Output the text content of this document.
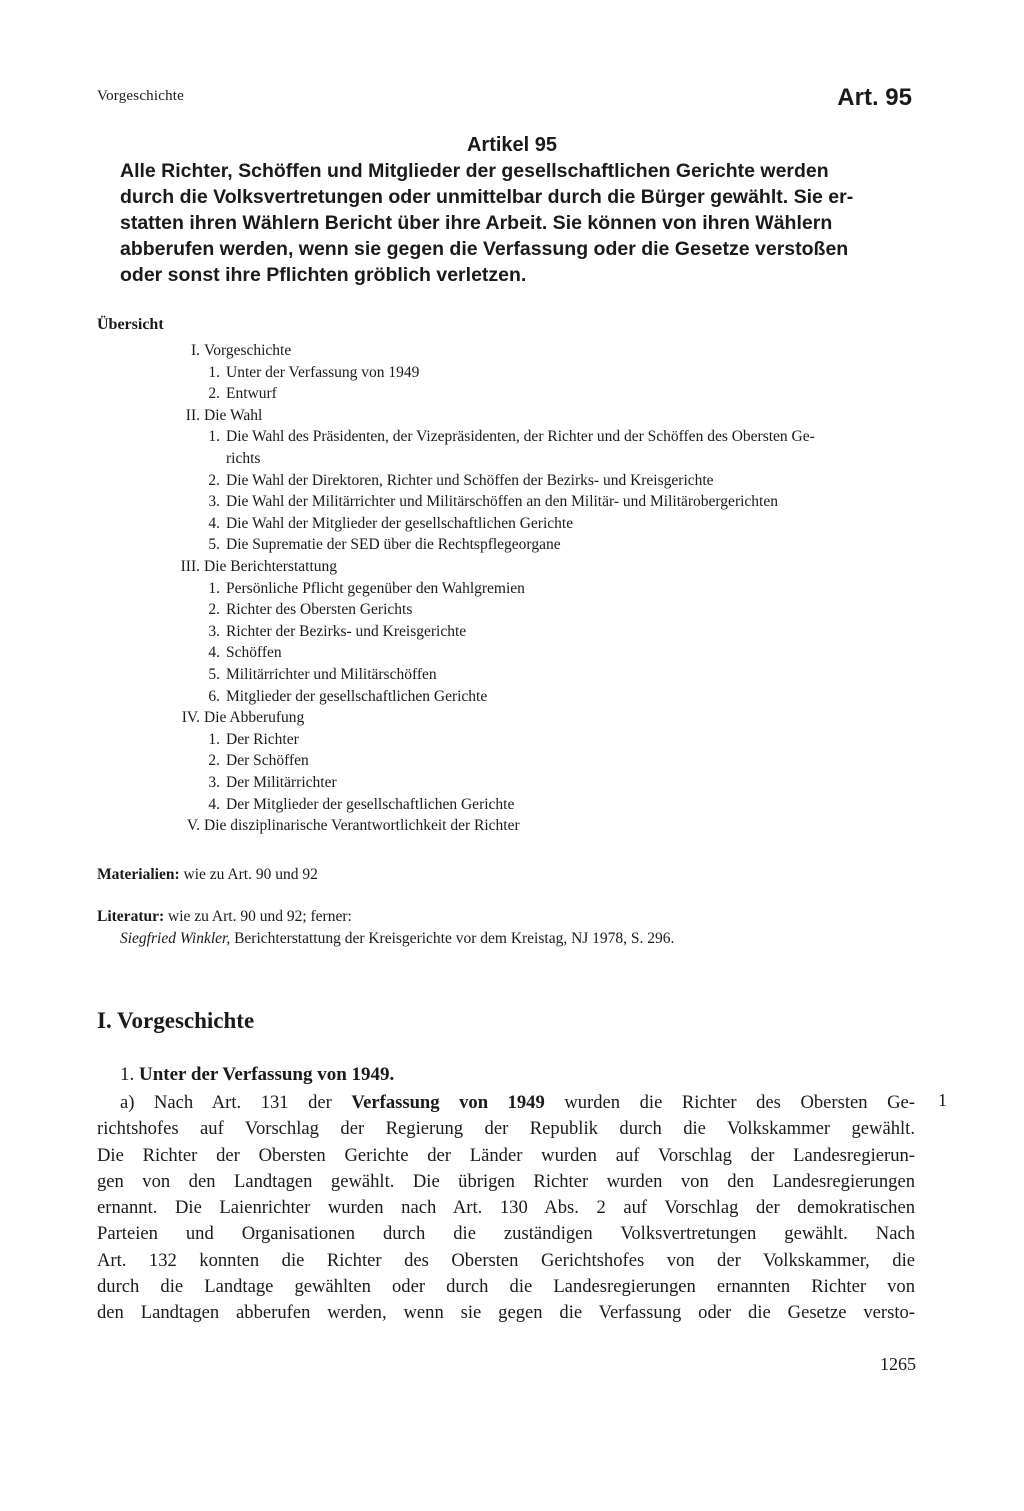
Vorgeschichte	Art. 95
Artikel 95
Alle Richter, Schöffen und Mitglieder der gesellschaftlichen Gerichte werden
durch die Volksvertretungen oder unmittelbar durch die Bürger gewählt. Sie er-
statten ihren Wählern Bericht über ihre Arbeit. Sie können von ihren Wählern
abberufen werden, wenn sie gegen die Verfassung oder die Gesetze verstoßen
oder sonst ihre Pflichten gröblich verletzen.
Übersicht
I. Vorgeschichte
1. Unter der Verfassung von 1949
2. Entwurf
II. Die Wahl
1. Die Wahl des Präsidenten, der Vizepräsidenten, der Richter und der Schöffen des Obersten Ge-
richts
2. Die Wahl der Direktoren, Richter und Schöffen der Bezirks- und Kreisgerichte
3. Die Wahl der Militärrichter und Militärschöffen an den Militär- und Militärobergerichten
4. Die Wahl der Mitglieder der gesellschaftlichen Gerichte
5. Die Suprematie der SED über die Rechtspflegeorgane
III. Die Berichterstattung
1. Persönliche Pflicht gegenüber den Wahlgremien
2. Richter des Obersten Gerichts
3. Richter der Bezirks- und Kreisgerichte
4. Schöffen
5. Militärrichter und Militärschöffen
6. Mitglieder der gesellschaftlichen Gerichte
IV. Die Abberufung
1. Der Richter
2. Der Schöffen
3. Der Militärrichter
4. Der Mitglieder der gesellschaftlichen Gerichte
V. Die disziplinarische Verantwortlichkeit der Richter
Materialien: wie zu Art. 90 und 92
Literatur: wie zu Art. 90 und 92; ferner:
Siegfried Winkler, Berichterstattung der Kreisgerichte vor dem Kreistag, NJ 1978, S. 296.
I. Vorgeschichte
1. Unter der Verfassung von 1949.
a) Nach Art. 131 der Verfassung von 1949 wurden die Richter des Obersten Ge-
richtshofes auf Vorschlag der Regierung der Republik durch die Volkskammer gewählt.
Die Richter der Obersten Gerichte der Länder wurden auf Vorschlag der Landesregierun-
gen von den Landtagen gewählt. Die übrigen Richter wurden von den Landesregierungen
ernannt. Die Laienrichter wurden nach Art. 130 Abs. 2 auf Vorschlag der demokratischen
Parteien und Organisationen durch die zuständigen Volksvertretungen gewählt. Nach
Art. 132 konnten die Richter des Obersten Gerichtshofes von der Volkskammer, die
durch die Landtage gewählten oder durch die Landesregierungen ernannten Richter von
den Landtagen abberufen werden, wenn sie gegen die Verfassung oder die Gesetze versto-
1
1265
